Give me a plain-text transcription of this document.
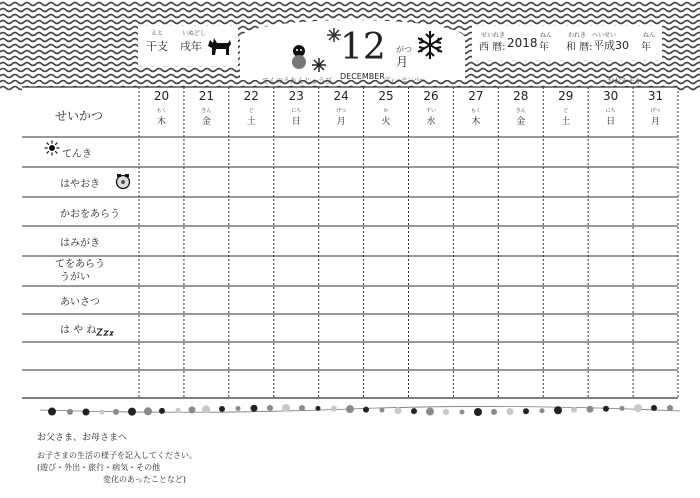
えと
干支
いぬどし
戌年	12 がつ
月
DECEMBER ディッセンバー
てんのうたんじょうび
せいれき
西 暦: 2018
ねん
年
われき へいせい
和 暦: 平成30
ねん
年
おおみそか
せいかつ
20
もく
木
21
きん
金
22
ど
土
23
にち
日
24
げつ
月
25
か
火
26
すい
水
27
もく
木
28
きん
金
29
ど
土
30
にち
日
31
げつ
月
てんき
はやおき
かおをあらう
はみがき
うがい
てをあらう
あいさつ
は や ね
お父さま、お母さまへ
お子さまの生活の様子を記入してください。
(遊び・外出・旅行・病気・その他
変化のあったことなど)
